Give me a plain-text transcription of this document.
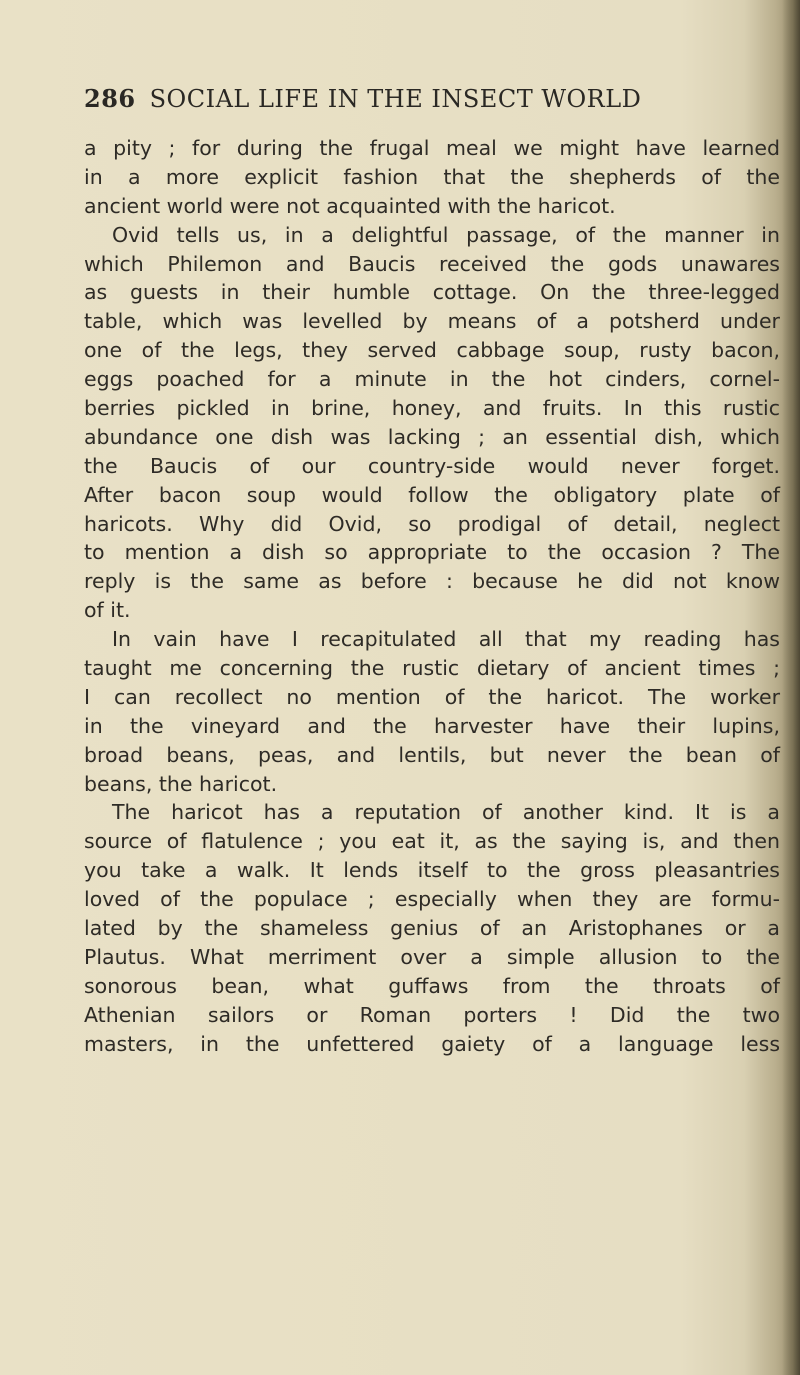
286 SOCIAL LIFE IN THE INSECT WORLD
a pity ; for during the frugal meal we might have learned
in a more explicit fashion that the shepherds of the
ancient world were not acquainted with the haricot.
Ovid tells us, in a delightful passage, of the manner in
which Philemon and Baucis received the gods unawares
as guests in their humble cottage. On the three-legged
table, which was levelled by means of a potsherd under
one of the legs, they served cabbage soup, rusty bacon,
eggs poached for a minute in the hot cinders, cornel-
berries pickled in brine, honey, and fruits. In this rustic
abundance one dish was lacking ; an essential dish, which
the Baucis of our country-side would never forget.
After bacon soup would follow the obligatory plate of
haricots. Why did Ovid, so prodigal of detail, neglect
to mention a dish so appropriate to the occasion ? The
reply is the same as before : because he did not know
of it.
In vain have I recapitulated all that my reading has
taught me concerning the rustic dietary of ancient times ;
I can recollect no mention of the haricot. The worker
in the vineyard and the harvester have their lupins,
broad beans, peas, and lentils, but never the bean of
beans, the haricot.
The haricot has a reputation of another kind. It is a
source of flatulence ; you eat it, as the saying is, and then
you take a walk. It lends itself to the gross pleasantries
loved of the populace ; especially when they are formu-
lated by the shameless genius of an Aristophanes or a
Plautus. What merriment over a simple allusion to the
sonorous bean, what guffaws from the throats of
Athenian sailors or Roman porters ! Did the two
masters, in the unfettered gaiety of a language less
